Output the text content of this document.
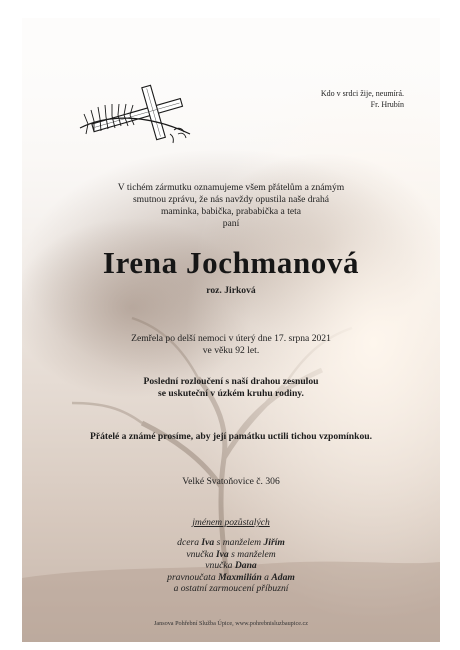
Kdo v srdci žije, neumírá.
Fr. Hrubín
V tichém zármutku oznamujeme všem přátelům a známým
smutnou zprávu, že nás navždy opustila naše drahá
maminka, babička, prababička a teta
paní
Irena Jochmanová
roz. Jirková
Zemřela po delší nemoci v úterý dne 17. srpna 2021
ve věku 92 let.
Poslední rozloučení s naší drahou zesnulou
se uskuteční v úzkém kruhu rodiny.
Přátelé a známé prosíme, aby její památku uctili tichou vzpomínkou.
Velké Svatoňovice č. 306
jménem pozůstalých
dcera Iva s manželem Jiřím
vnučka Iva s manželem
vnučka Dana
pravnoučata Maxmilián a Adam
a ostatní zarmoucení příbuzní
Jansova Pohřební Služba Úpice, www.pohrebnisluzbaupice.cz
